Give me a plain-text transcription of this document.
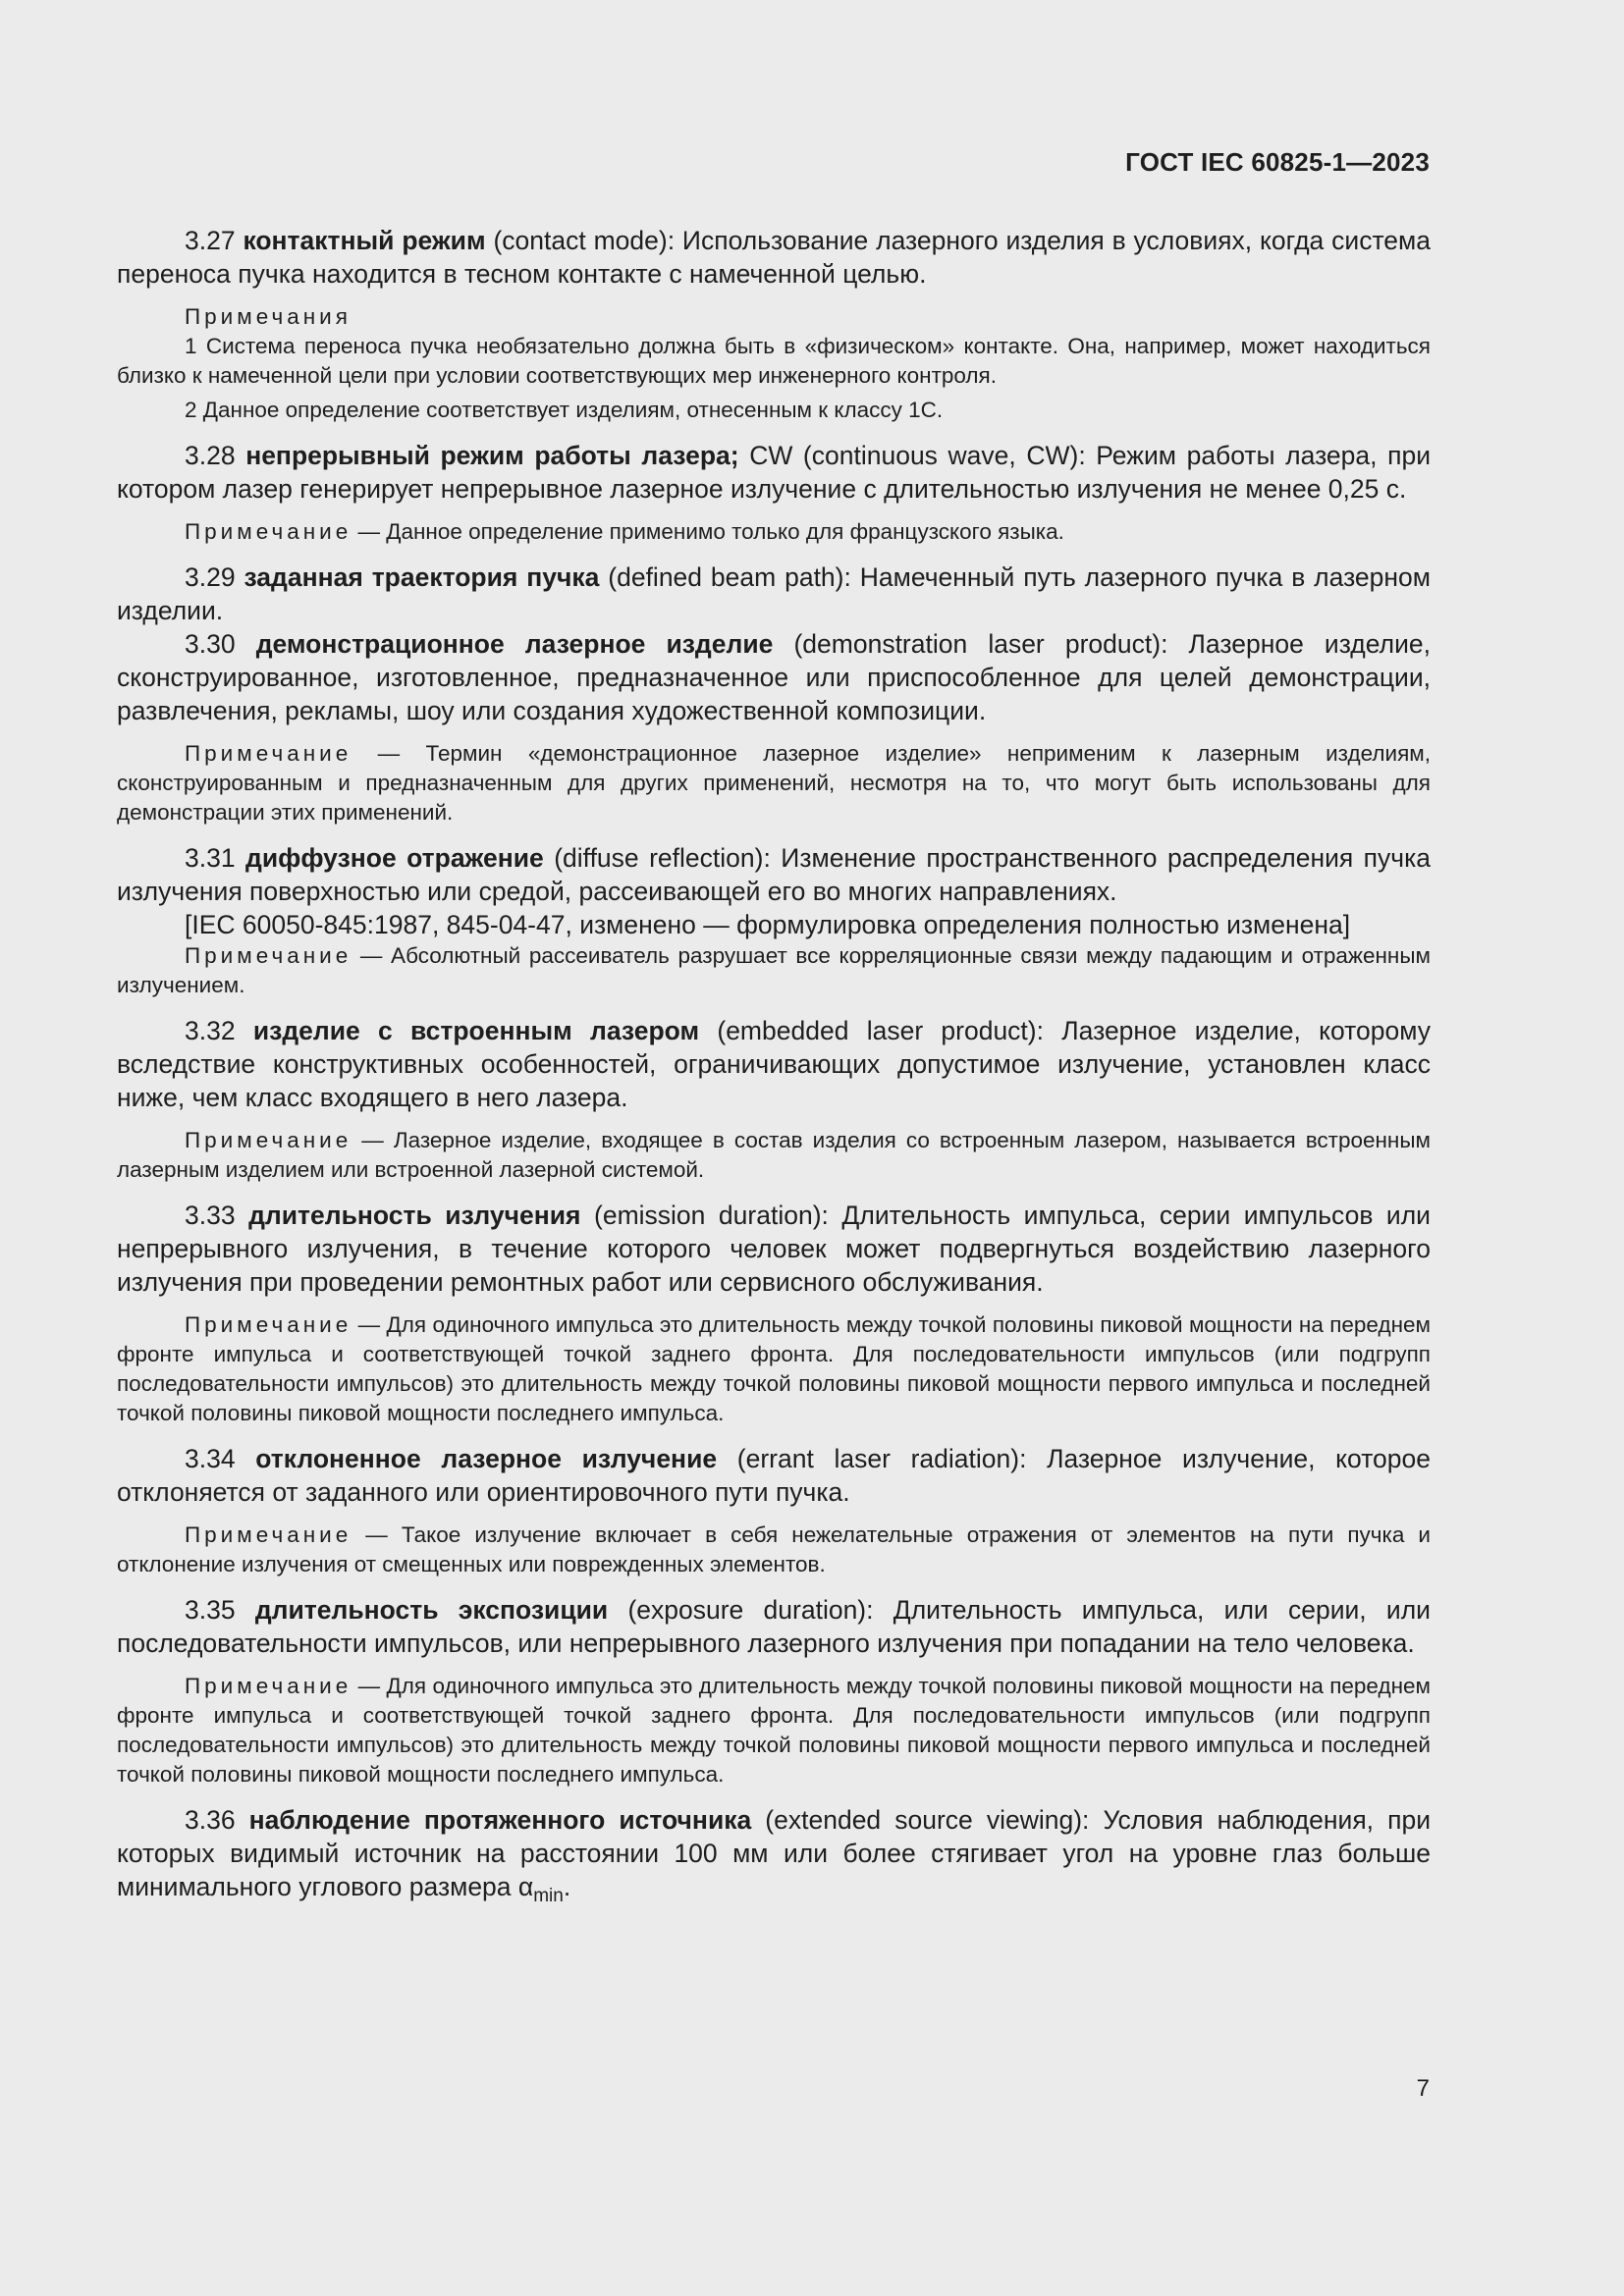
ГОСТ IEC 60825-1—2023

3.27 контактный режим (contact mode): Использование лазерного изделия в условиях, когда система переноса пучка находится в тесном контакте с намеченной целью.

Примечания

1 Система переноса пучка необязательно должна быть в «физическом» контакте. Она, например, может находиться близко к намеченной цели при условии соответствующих мер инженерного контроля.

2 Данное определение соответствует изделиям, отнесенным к классу 1С.

3.28 непрерывный режим работы лазера; CW (continuous wave, CW): Режим работы лазера, при котором лазер генерирует непрерывное лазерное излучение с длительностью излучения не менее 0,25 с.

Примечание — Данное определение применимо только для французского языка.

3.29 заданная траектория пучка (defined beam path): Намеченный путь лазерного пучка в лазерном изделии.

3.30 демонстрационное лазерное изделие (demonstration laser product): Лазерное изделие, сконструированное, изготовленное, предназначенное или приспособленное для целей демонстрации, развлечения, рекламы, шоу или создания художественной композиции.

Примечание — Термин «демонстрационное лазерное изделие» неприменим к лазерным изделиям, сконструированным и предназначенным для других применений, несмотря на то, что могут быть использованы для демонстрации этих применений.

3.31 диффузное отражение (diffuse reflection): Изменение пространственного распределения пучка излучения поверхностью или средой, рассеивающей его во многих направлениях.

[IEC 60050-845:1987, 845-04-47, изменено — формулировка определения полностью изменена]

Примечание — Абсолютный рассеиватель разрушает все корреляционные связи между падающим и отраженным излучением.

3.32 изделие с встроенным лазером (embedded laser product): Лазерное изделие, которому вследствие конструктивных особенностей, ограничивающих допустимое излучение, установлен класс ниже, чем класс входящего в него лазера.

Примечание — Лазерное изделие, входящее в состав изделия со встроенным лазером, называется встроенным лазерным изделием или встроенной лазерной системой.

3.33 длительность излучения (emission duration): Длительность импульса, серии импульсов или непрерывного излучения, в течение которого человек может подвергнуться воздействию лазерного излучения при проведении ремонтных работ или сервисного обслуживания.

Примечание — Для одиночного импульса это длительность между точкой половины пиковой мощности на переднем фронте импульса и соответствующей точкой заднего фронта. Для последовательности импульсов (или подгрупп последовательности импульсов) это длительность между точкой половины пиковой мощности первого импульса и последней точкой половины пиковой мощности последнего импульса.

3.34 отклоненное лазерное излучение (errant laser radiation): Лазерное излучение, которое отклоняется от заданного или ориентировочного пути пучка.

Примечание — Такое излучение включает в себя нежелательные отражения от элементов на пути пучка и отклонение излучения от смещенных или поврежденных элементов.

3.35 длительность экспозиции (exposure duration): Длительность импульса, или серии, или последовательности импульсов, или непрерывного лазерного излучения при попадании на тело человека.

Примечание — Для одиночного импульса это длительность между точкой половины пиковой мощности на переднем фронте импульса и соответствующей точкой заднего фронта. Для последовательности импульсов (или подгрупп последовательности импульсов) это длительность между точкой половины пиковой мощности первого импульса и последней точкой половины пиковой мощности последнего импульса.

3.36 наблюдение протяженного источника (extended source viewing): Условия наблюдения, при которых видимый источник на расстоянии 100 мм или более стягивает угол на уровне глаз больше минимального углового размера $\alpha_{min}$.

7
